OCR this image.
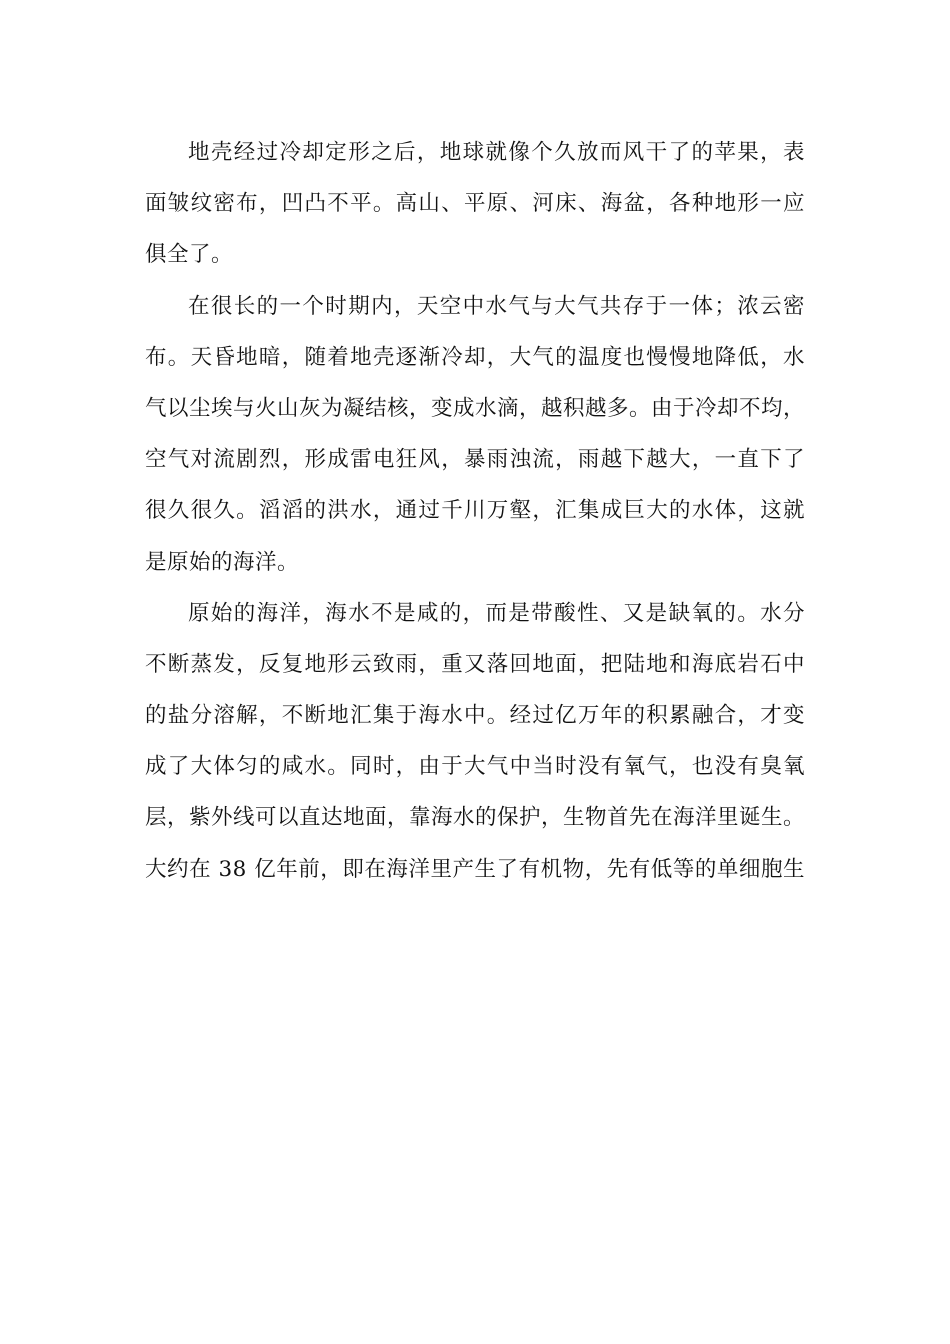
地壳经过冷却定形之后，地球就像个久放而风干了的苹果，表
面皱纹密布，凹凸不平。高山、平原、河床、海盆，各种地形一应
俱全了。
在很长的一个时期内，天空中水气与大气共存于一体；浓云密
布。天昏地暗，随着地壳逐渐冷却，大气的温度也慢慢地降低，水
气以尘埃与火山灰为凝结核，变成水滴，越积越多。由于冷却不均，
空气对流剧烈，形成雷电狂风，暴雨浊流，雨越下越大，一直下了
很久很久。滔滔的洪水，通过千川万壑，汇集成巨大的水体，这就
是原始的海洋。
原始的海洋，海水不是咸的，而是带酸性、又是缺氧的。水分
不断蒸发，反复地形云致雨，重又落回地面，把陆地和海底岩石中
的盐分溶解，不断地汇集于海水中。经过亿万年的积累融合，才变
成了大体匀的咸水。同时，由于大气中当时没有氧气，也没有臭氧
层，紫外线可以直达地面，靠海水的保护，生物首先在海洋里诞生。
大约在 38 亿年前，即在海洋里产生了有机物，先有低等的单细胞生
